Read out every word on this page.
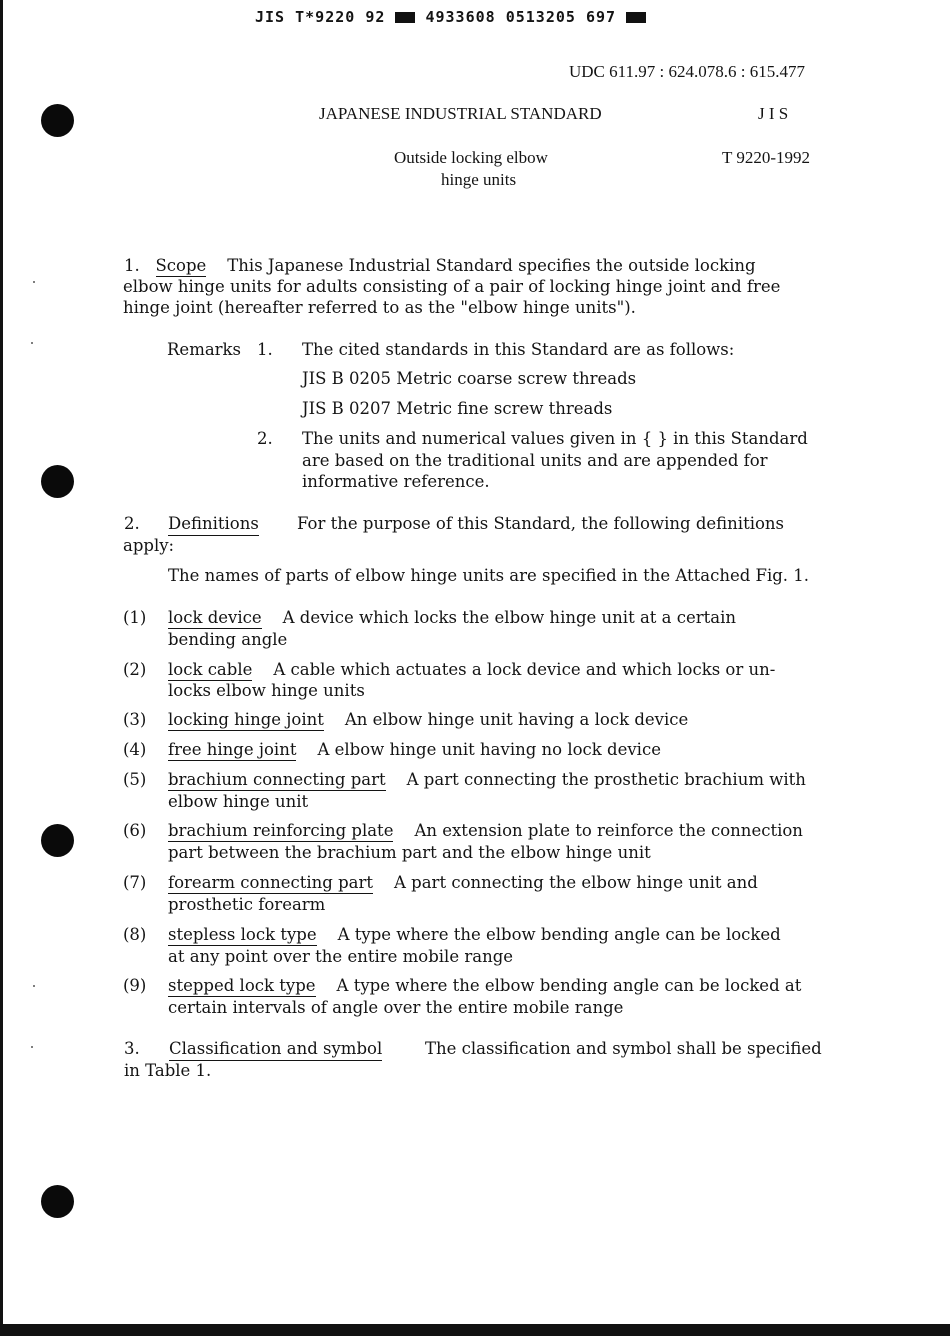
JIS T*9220 92	4933608 0513205 697
UDC 611.97 : 624.078.6 : 615.477
JAPANESE INDUSTRIAL STANDARD	J I S
Outside locking elbow
hinge units
T 9220-1992
1. Scope This Japanese Industrial Standard specifies the outside locking
elbow hinge units for adults consisting of a pair of locking hinge joint and free
hinge joint (hereafter referred to as the "elbow hinge units").
Remarks 1. The cited standards in this Standard are as follows:
JIS B 0205 Metric coarse screw threads
JIS B 0207 Metric fine screw threads
2. The units and numerical values given in { } in this Standard
are based on the traditional units and are appended for
informative reference.
2. Definitions For the purpose of this Standard, the following definitions
apply:
The names of parts of elbow hinge units are specified in the Attached Fig. 1.
(1) lock device A device which locks the elbow hinge unit at a certain
bending angle
(2) lock cable A cable which actuates a lock device and which locks or un-
locks elbow hinge units
(3) locking hinge joint An elbow hinge unit having a lock device
(4) free hinge joint A elbow hinge unit having no lock device
(5) brachium connecting part A part connecting the prosthetic brachium with
elbow hinge unit
(6) brachium reinforcing plate An extension plate to reinforce the connection
part between the brachium part and the elbow hinge unit
(7) forearm connecting part A part connecting the elbow hinge unit and
prosthetic forearm
(8) stepless lock type A type where the elbow bending angle can be locked
at any point over the entire mobile range
(9) stepped lock type A type where the elbow bending angle can be locked at
certain intervals of angle over the entire mobile range
3. Classification and symbol	The classification and symbol shall be specified
in Table 1.
